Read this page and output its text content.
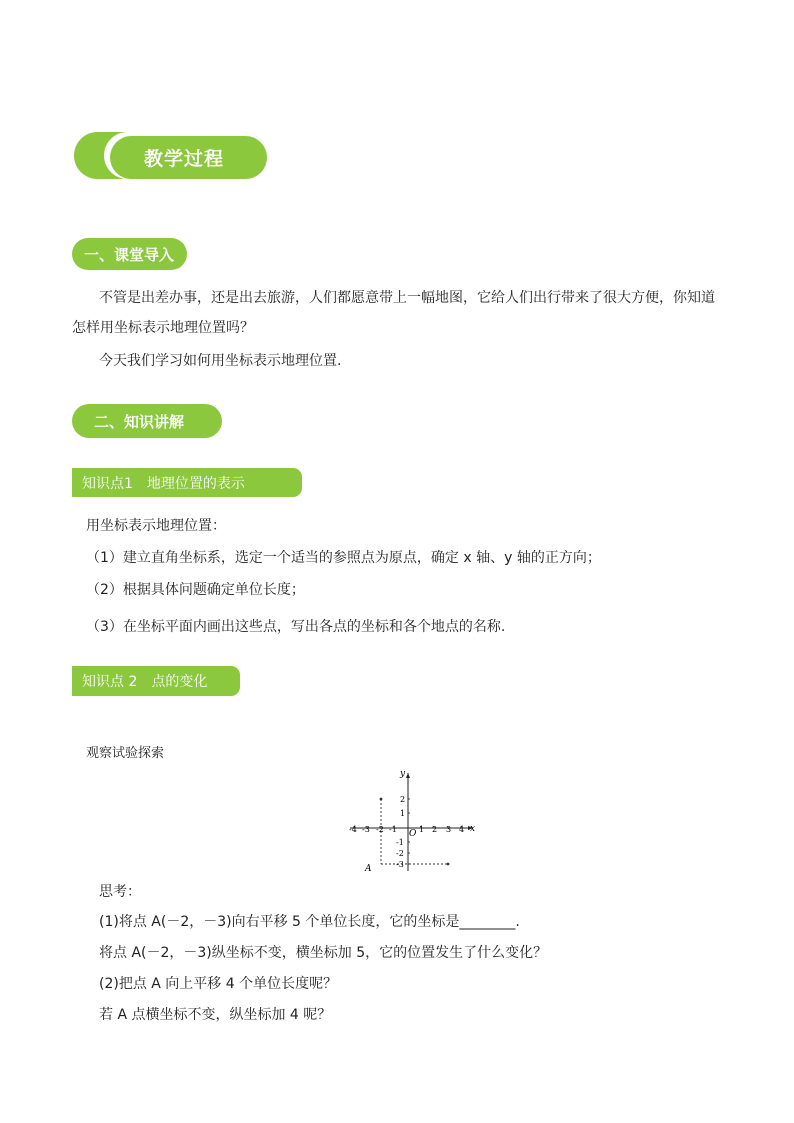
教学过程
一、课堂导入
不管是出差办事，还是出去旅游，人们都愿意带上一幅地图，它给人们出行带来了很大方便，你知道
怎样用坐标表示地理位置吗？
今天我们学习如何用坐标表示地理位置.
二、知识讲解
知识点1　地理位置的表示
用坐标表示地理位置：
（1）建立直角坐标系，选定一个适当的参照点为原点，确定 x 轴、y 轴的正方向；
（2）根据具体问题确定单位长度；
（3）在坐标平面内画出这些点，写出各点的坐标和各个地点的名称.
知识点 2　点的变化
观察试验探索
y
x
O
A
-4 -3 -2 -1	1 2 3 4
2
1
-1
-2
-3
思考：
(1)将点 A(－2，－3)向右平移 5 个单位长度，它的坐标是________.
将点 A(－2，－3)纵坐标不变，横坐标加 5，它的位置发生了什么变化？
(2)把点 A 向上平移 4 个单位长度呢？
若 A 点横坐标不变，纵坐标加 4 呢？
